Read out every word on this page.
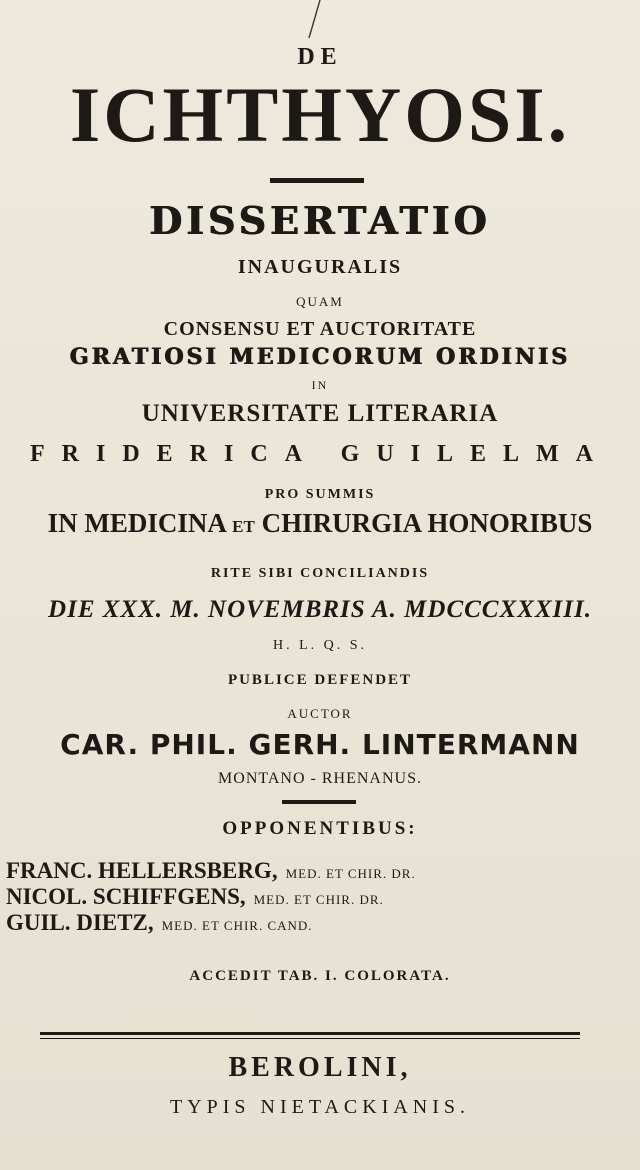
DE
ICHTHYOSI.
DISSERTATIO
INAUGURALIS
QUAM
CONSENSU ET AUCTORITATE
GRATIOSI MEDICORUM ORDINIS
IN
UNIVERSITATE LITERARIA
FRIDERICA GUILELMA
PRO SUMMIS
IN MEDICINA ET CHIRURGIA HONORIBUS
RITE SIBI CONCILIANDIS
DIE XXX. M. NOVEMBRIS A. MDCCCXXXIII.
H. L. Q. S.
PUBLICE DEFENDET
AUCTOR
CAR. PHIL. GERH. LINTERMANN
MONTANO - RHENANUS.
OPPONENTIBUS:
FRANC. HELLERSBERG, MED. ET CHIR. DR.
NICOL. SCHIFFGENS, MED. ET CHIR. DR.
GUIL. DIETZ, MED. ET CHIR. CAND.
ACCEDIT TAB. I. COLORATA.
BEROLINI,
TYPIS NIETACKIANIS.
